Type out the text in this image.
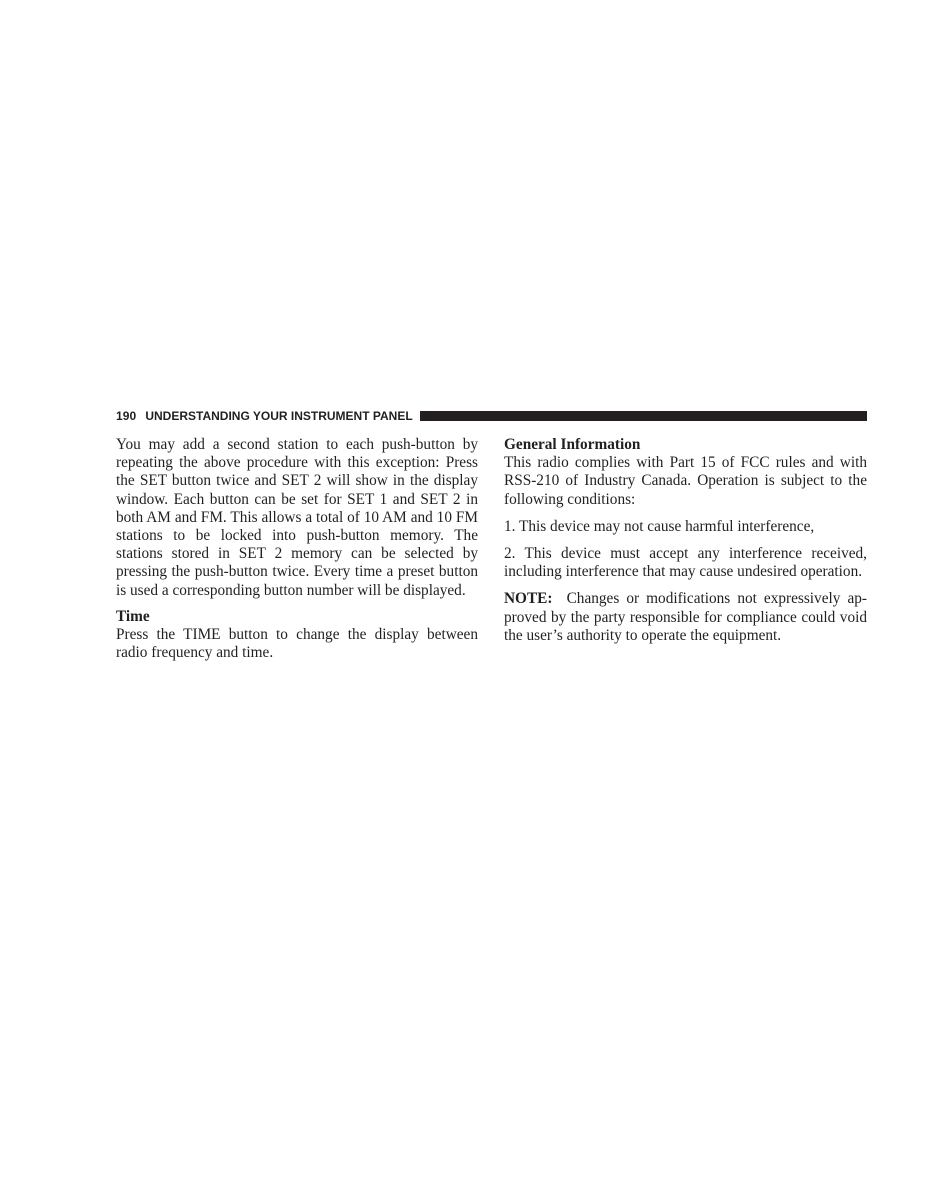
190 UNDERSTANDING YOUR INSTRUMENT PANEL

You may add a second station to each push-button by repeating the above procedure with this exception: Press the SET button twice and SET 2 will show in the display window. Each button can be set for SET 1 and SET 2 in both AM and FM. This allows a total of 10 AM and 10 FM stations to be locked into push-button memory. The stations stored in SET 2 memory can be selected by pressing the push-button twice. Every time a preset button is used a corresponding button number will be displayed.

Time

Press the TIME button to change the display between radio frequency and time.

General Information

This radio complies with Part 15 of FCC rules and with RSS-210 of Industry Canada. Operation is subject to the following conditions:

1. This device may not cause harmful interference,

2. This device must accept any interference received, including interference that may cause undesired operation.

NOTE: Changes or modifications not expressively approved by the party responsible for compliance could void the user’s authority to operate the equipment.
